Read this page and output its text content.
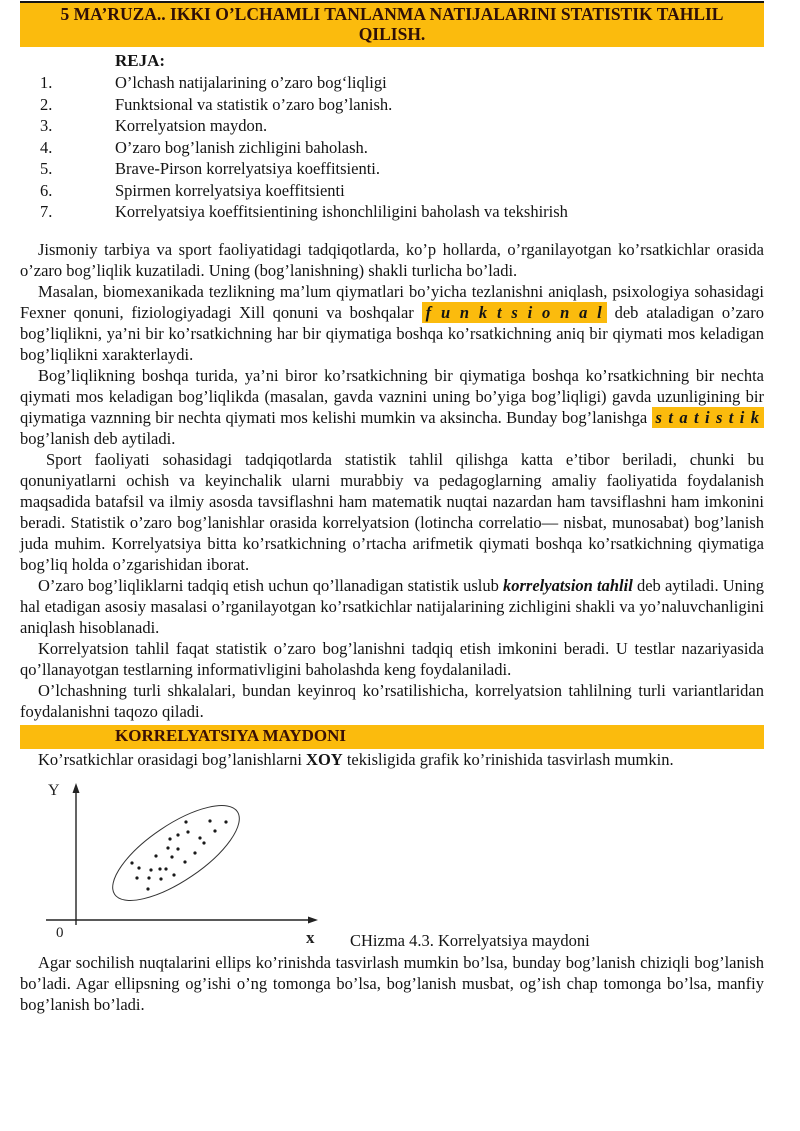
5 MA’RUZA.. IKKI O’LCHAMLI TANLANMA NATIJALARINI STATISTIK TAHLIL
QILISH.
REJA:
1.	O’lchash natijalarining o’zaro bogʻliqligi
2.	Funktsional va statistik o’zaro bog’lanish.
3.	Korrelyatsion maydon.
4.	O’zaro bog’lanish zichligini baholash.
5.	Brave-Pirson korrelyatsiya koeffitsienti.
6.	Spirmen korrelyatsiya koeffitsienti
7.	Korrelyatsiya koeffitsientining ishonchliligini baholash va tekshirish

Jismoniy tarbiya va sport faoliyatidagi tadqiqotlarda, ko’p hollarda, o’rganilayotgan ko’rsatkichlar orasida o’zaro bog’liqlik kuzatiladi. Uning (bog’lanishning) shakli turlicha bo’ladi.

Masalan, biomexanikada tezlikning ma’lum qiymatlari bo’yicha tezlanishni aniqlash, psixologiya sohasidagi Fexner qonuni, fiziologiyadagi Xill qonuni va boshqalar f u n k t s i o n a l deb ataladigan o’zaro bog’liqlikni, ya’ni bir ko’rsatkichning har bir qiymatiga boshqa ko’rsatkichning aniq bir qiymati mos keladigan bog’liqlikni xarakterlaydi.

Bog’liqlikning boshqa turida, ya’ni biror ko’rsatkichning bir qiymatiga boshqa ko’rsatkichning bir nechta qiymati mos keladigan bog’liqlikda (masalan, gavda vaznini uning bo’yiga bog’liqligi) gavda uzunligining bir qiymatiga vaznning bir nechta qiymati mos kelishi mumkin va aksincha. Bunday bog’lanishga s t a t i s t i k bog’lanish deb aytiladi.

Sport faoliyati sohasidagi tadqiqotlarda statistik tahlil qilishga katta e’tibor beriladi, chunki bu qonuniyatlarni ochish va keyinchalik ularni murabbiy va pedagoglarning amaliy faoliyatida foydalanish maqsadida batafsil va ilmiy asosda tavsiflashni ham matematik nuqtai nazardan ham tavsiflashni ham imkonini beradi. Statistik o’zaro bog’lanishlar orasida korrelyatsion (lotincha correlatio— nisbat, munosabat) bog’lanish juda muhim. Korrelyatsiya bitta ko’rsatkichning o’rtacha arifmetik qiymati boshqa ko’rsatkichning qiymatiga bog’liq holda o’zgarishidan iborat.

O’zaro bog’liqliklarni tadqiq etish uchun qo’llanadigan statistik uslub korrelyatsion tahlil deb aytiladi. Uning hal etadigan asosiy masalasi o’rganilayotgan ko’rsatkichlar natijalarining zichligini shakli va yo’naluvchanligini aniqlash hisoblanadi.

Korrelyatsion tahlil faqat statistik o’zaro bog’lanishni tadqiq etish imkonini beradi. U testlar nazariyasida qo’llanayotgan testlarning informativligini baholashda keng foydalaniladi.

O’lchashning turli shkalalari, bundan keyinroq ko’rsatilishicha, korrelyatsion tahlilning turli variantlaridan foydalanishni taqozo qiladi.

KORRELYATSIYA MAYDONI

Ko’rsatkichlar orasidagi bog’lanishlarni XOY tekisligida grafik ko’rinishida tasvirlash mumkin.

Y
0	x CHizma 4.3. Korrelyatsiya maydoni

Agar sochilish nuqtalarini ellips ko’rinishda tasvirlash mumkin bo’lsa, bunday bog’lanish chiziqli bog’lanish bo’ladi. Agar ellipsning og’ishi o’ng tomonga bo’lsa, bog’lanish musbat, og’ish chap tomonga bo’lsa, manfiy bog’lanish bo’ladi.
